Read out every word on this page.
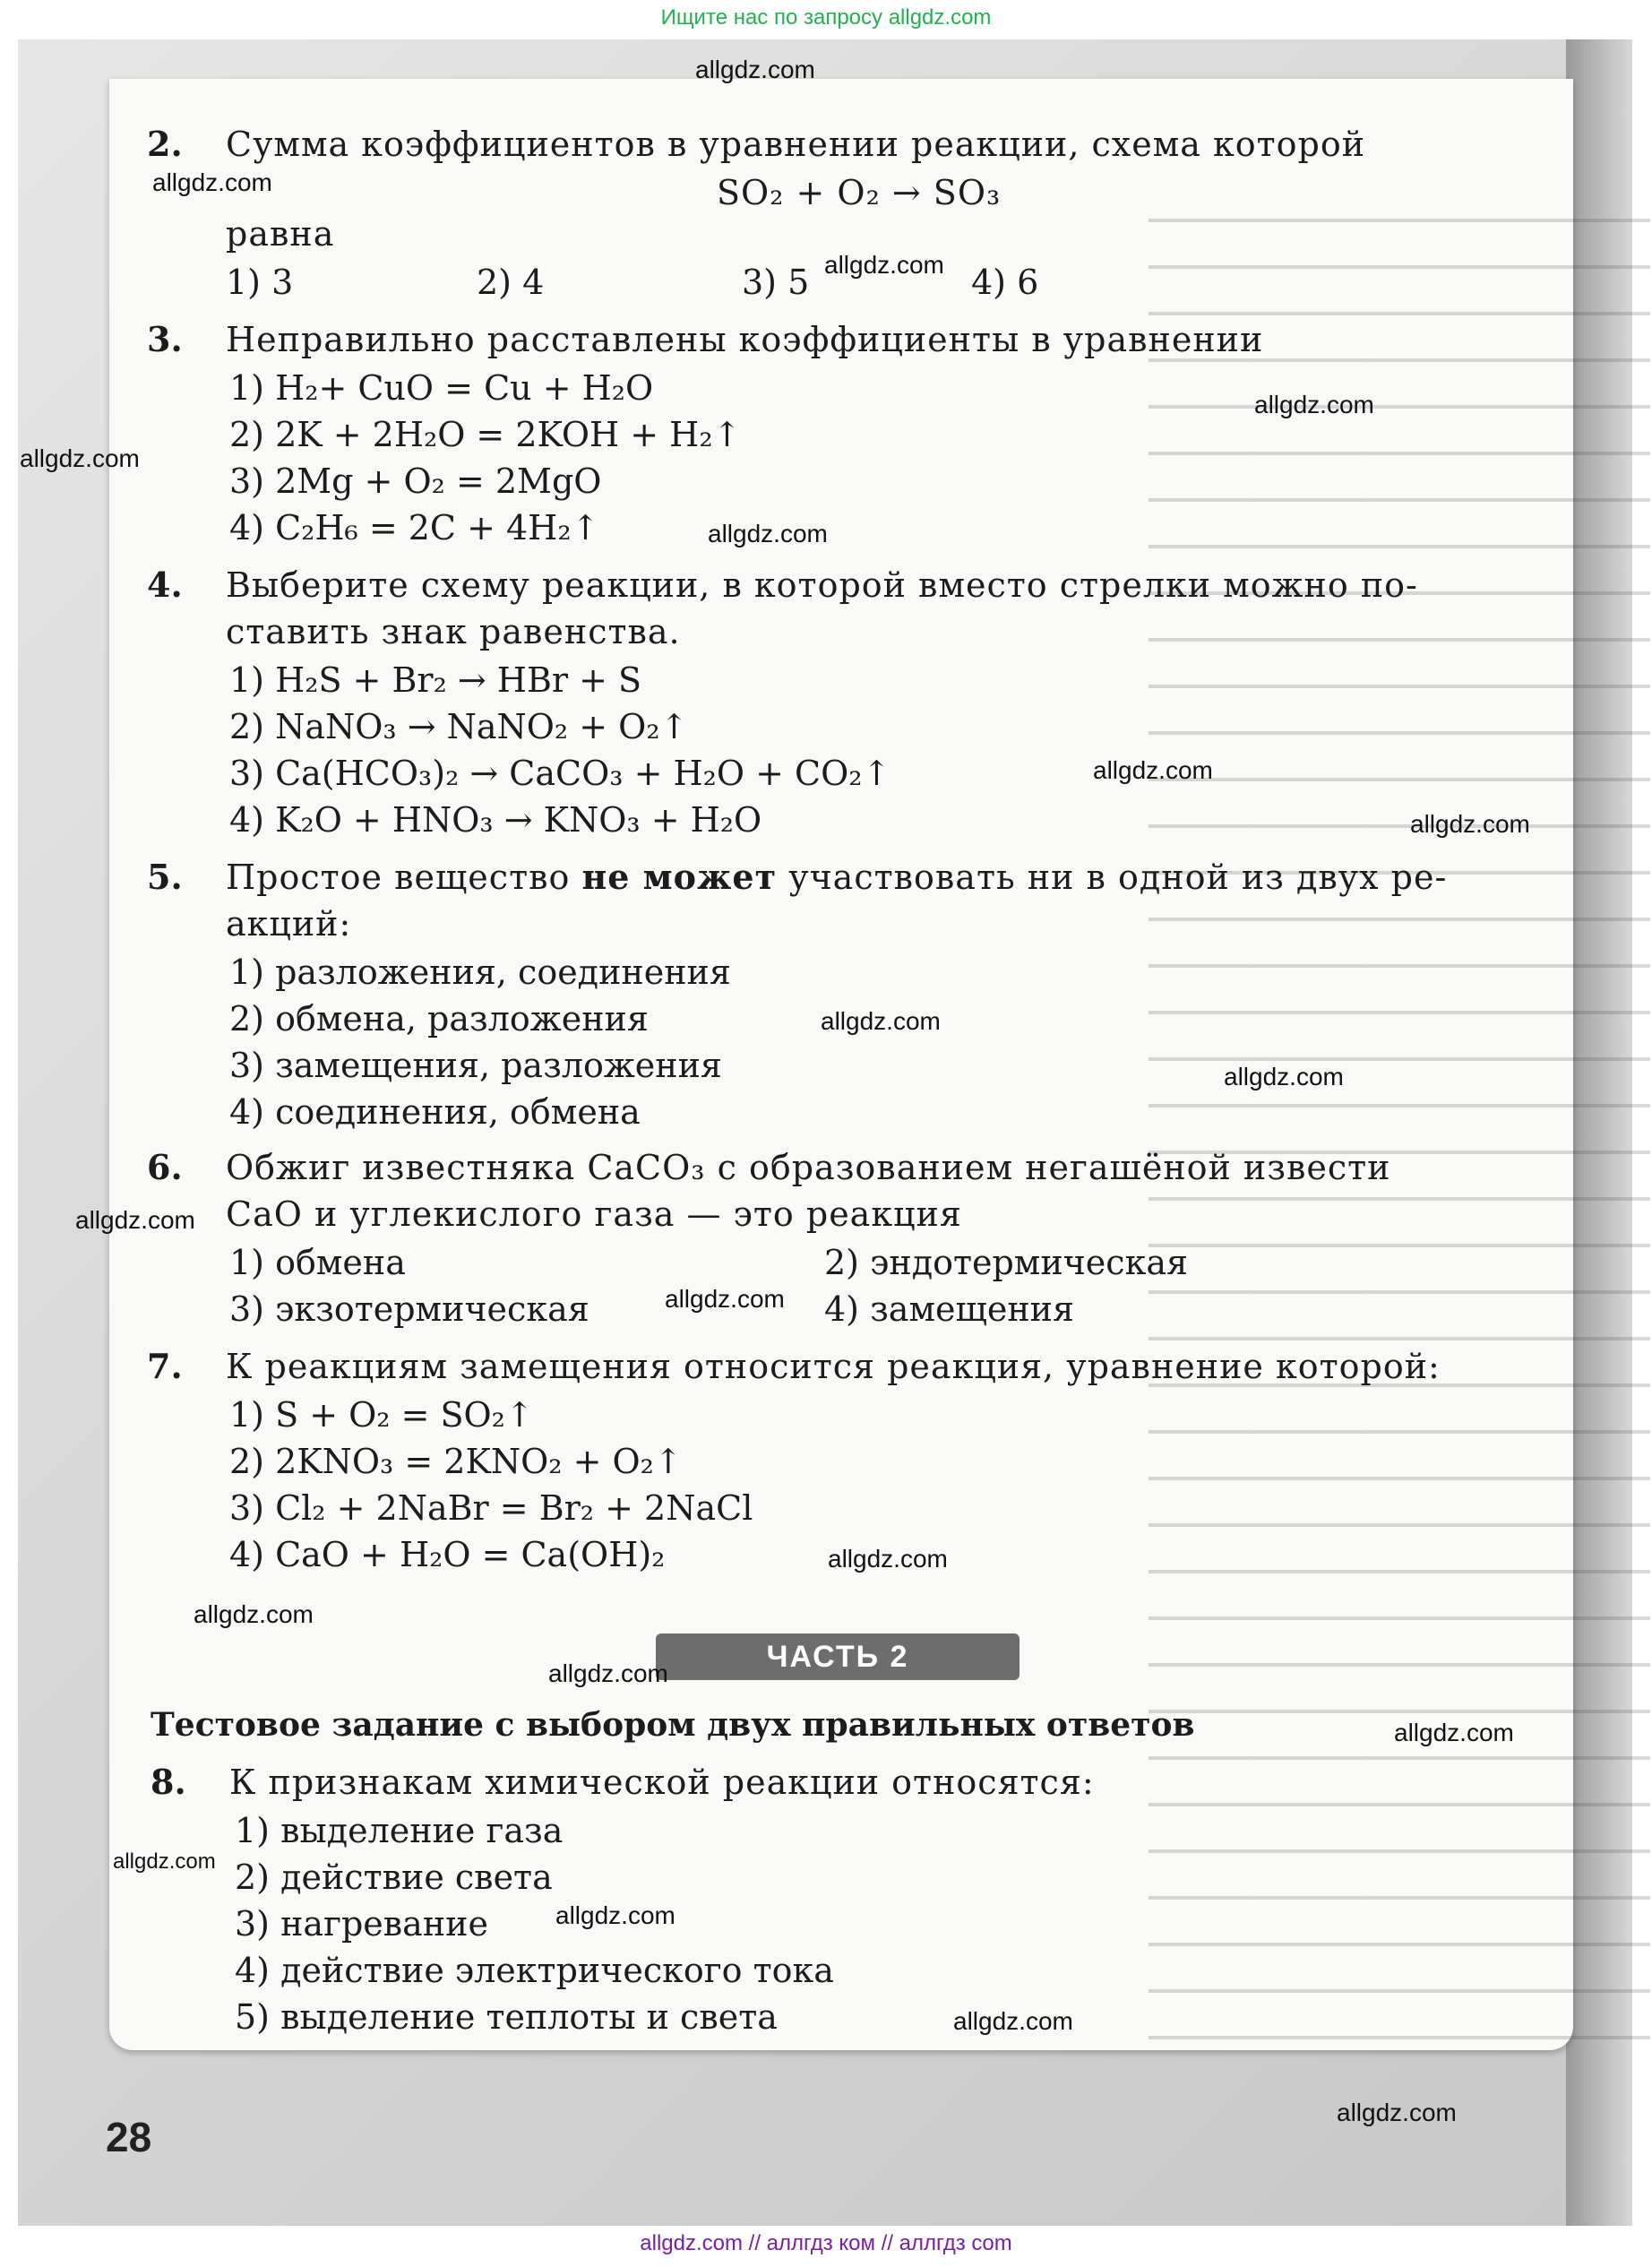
Ищите нас по запросу allgdz.com
2. Сумма коэффициентов в уравнении реакции, схема которой
SO₂ + O₂ → SO₃
равна
1) 3	2) 4	3) 5	4) 6
3. Неправильно расставлены коэффициенты в уравнении
1) H₂+ CuO = Cu + H₂O
2) 2K + 2H₂O = 2KOH + H₂↑
3) 2Mg + O₂ = 2MgO
4) C₂H₆ = 2C + 4H₂↑
4. Выберите схему реакции, в которой вместо стрелки можно по-
ставить знак равенства.
1) H₂S + Br₂ → HBr + S
2) NaNO₃ → NaNO₂ + O₂↑
3) Ca(HCO₃)₂ → CaCO₃ + H₂O + CO₂↑
4) K₂O + HNO₃ → KNO₃ + H₂O
5. Простое вещество не может участвовать ни в одной из двух ре-
акций:
1) разложения, соединения
2) обмена, разложения
3) замещения, разложения
4) соединения, обмена
6. Обжиг известняка CaCO₃ с образованием негашёной извести
CaO и углекислого газа — это реакция
1) обмена	2) эндотермическая
3) экзотермическая	4) замещения
7. К реакциям замещения относится реакция, уравнение которой:
1) S + O₂ = SO₂↑
2) 2KNO₃ = 2KNO₂ + O₂↑
3) Cl₂ + 2NaBr = Br₂ + 2NaCl
4) CaO + H₂O = Ca(OH)₂
ЧАСТЬ 2
Тестовое задание с выбором двух правильных ответов
8. К признакам химической реакции относятся:
1) выделение газа
2) действие света
3) нагревание
4) действие электрического тока
5) выделение теплоты и света
28
allgdz.com
allgdz.com
allgdz.com
allgdz.com
allgdz.com
allgdz.com
allgdz.com
allgdz.com
allgdz.com
allgdz.com
allgdz.com
allgdz.com
allgdz.com
allgdz.com
allgdz.com
allgdz.com
allgdz.com
allgdz.com
allgdz.com
allgdz.com
allgdz.com // аллгдз ком // аллгдз com
